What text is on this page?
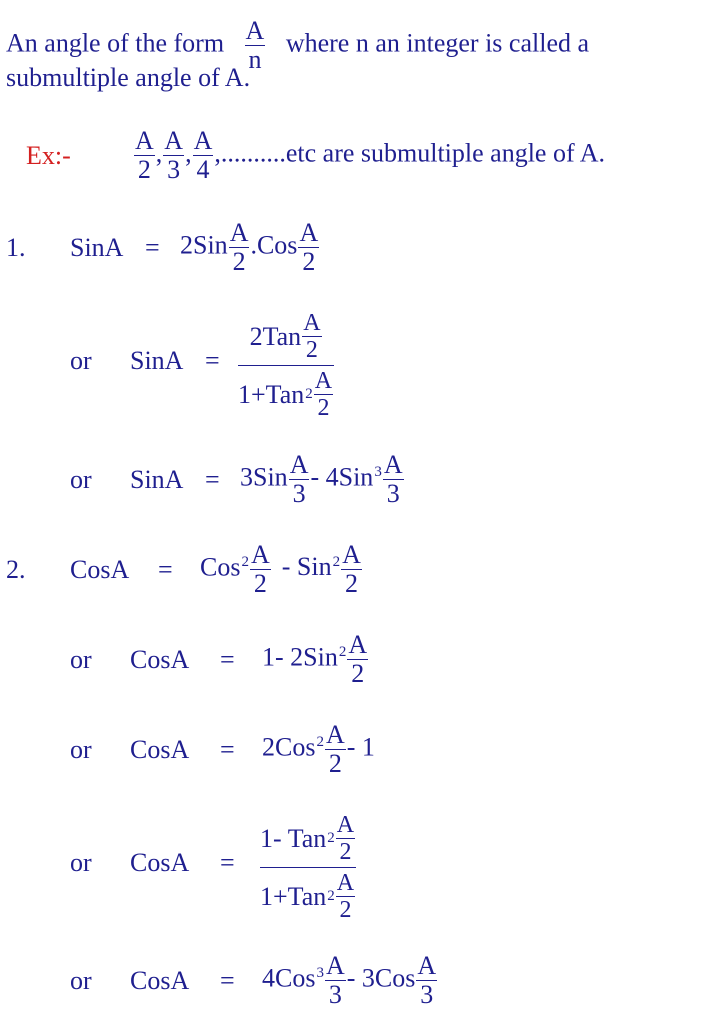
An angle of the form $\frac{A}{n}$ where n an integer is called a
submultiple angle of A.
Ex:- $\frac{A}{2}$ , $\frac{A}{3}$ , $\frac{A}{4} ,..........etc$ are submultiple angle of A.
1. SinA = $2Sin \frac{A}{2} .Cos \frac{A}{2}$
or SinA =
$2Tan \frac{A}{2}$
1+Tan $2 \frac{A}{2}$
or SinA = $3Sin \frac{A}{3} - 4Sin^3 \frac{A}{3}$
2. CosA = $Cos^2 \frac{A}{2} - Sin^2 \frac{A}{2}$
or CosA = 1- $2Sin^2 \frac{A}{2}$
or CosA = $2Cos^2 \frac{A}{2} - 1$
or CosA =
1- Tan $2 \frac{A}{2}$
1+Tan $2 \frac{A}{2}$
or CosA = $4Cos^3 \frac{A}{3} - 3Cos \frac{A}{3}$
